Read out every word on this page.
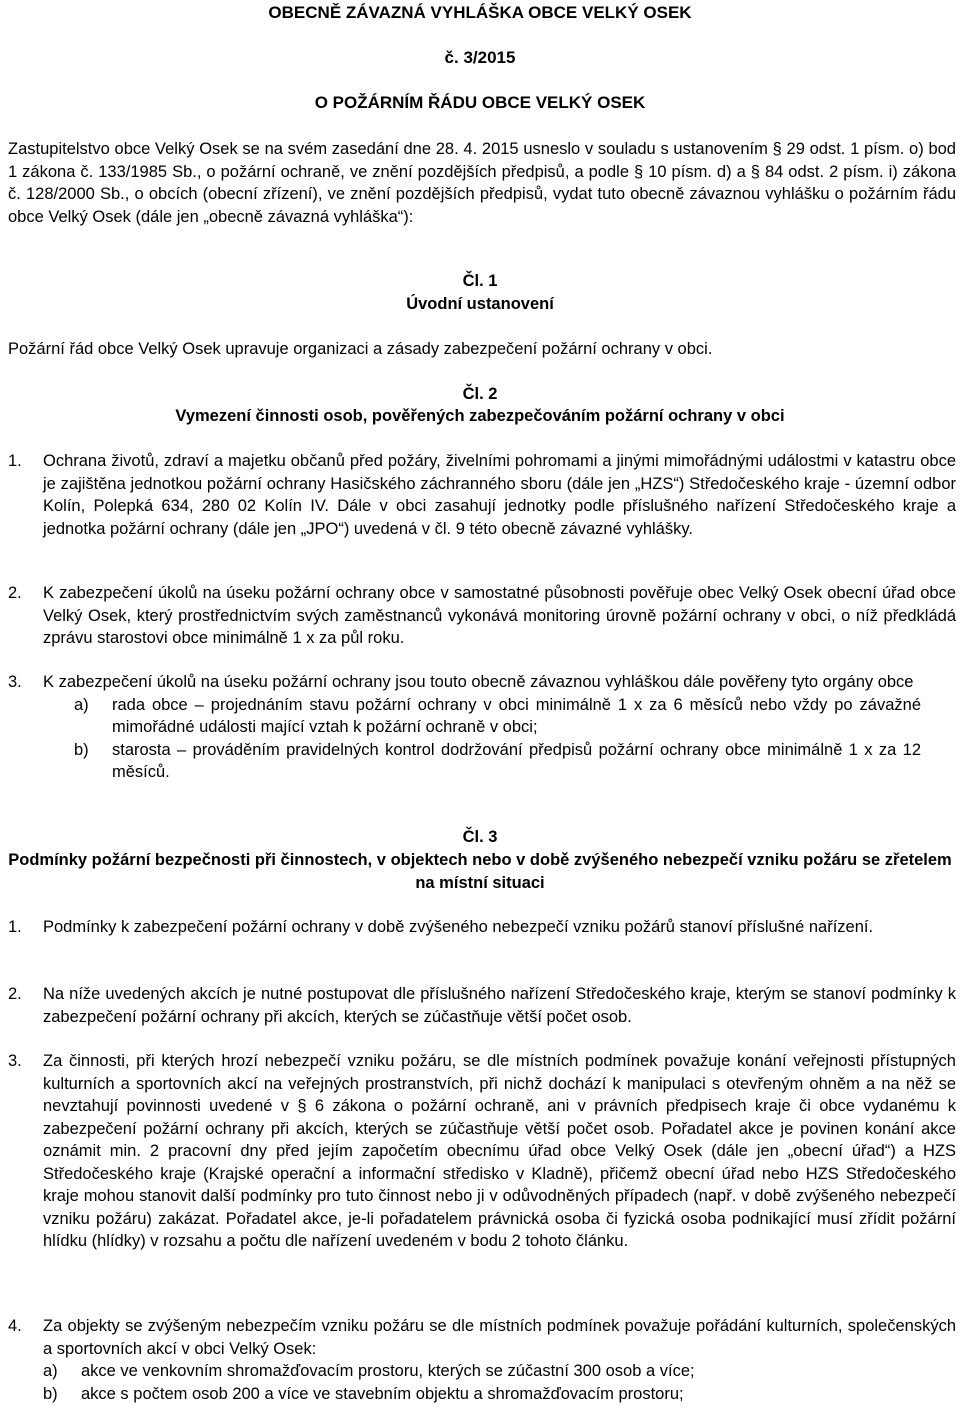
OBECNĚ ZÁVAZNÁ VYHLÁŠKA OBCE VELKÝ OSEK
č. 3/2015
O POŽÁRNÍM ŘÁDU OBCE VELKÝ OSEK
Zastupitelstvo obce Velký Osek se na svém zasedání dne 28. 4. 2015 usneslo v souladu s ustanovením § 29 odst. 1 písm. o) bod 1 zákona č. 133/1985 Sb., o požární ochraně, ve znění pozdějších předpisů, a podle § 10 písm. d) a § 84 odst. 2 písm. i) zákona č. 128/2000 Sb., o obcích (obecní zřízení), ve znění pozdějších předpisů, vydat tuto obecně závaznou vyhlášku o požárním řádu obce Velký Osek (dále jen „obecně závazná vyhláška“):
Čl. 1
Úvodní ustanovení
Požární řád obce Velký Osek upravuje organizaci a zásady zabezpečení požární ochrany v obci.
Čl. 2
Vymezení činnosti osob, pověřených zabezpečováním požární ochrany v obci
1.	Ochrana životů, zdraví a majetku občanů před požáry, živelními pohromami a jinými mimořádnými událostmi v katastru obce je zajištěna jednotkou požární ochrany Hasičského záchranného sboru (dále jen „HZS“) Středočeského kraje - územní odbor Kolín, Polepká 634, 280 02 Kolín IV. Dále v obci zasahují jednotky podle příslušného nařízení Středočeského kraje a jednotka požární ochrany (dále jen „JPO“) uvedená v čl. 9 této obecně závazné vyhlášky.
2.	K zabezpečení úkolů na úseku požární ochrany obce v samostatné působnosti pověřuje obec Velký Osek obecní úřad obce Velký Osek, který prostřednictvím svých zaměstnanců vykonává monitoring úrovně požární ochrany v obci, o níž předkládá zprávu starostovi obce minimálně 1 x za půl roku.
3.	K zabezpečení úkolů na úseku požární ochrany jsou touto obecně závaznou vyhláškou dále pověřeny tyto orgány obce
a) rada obce – projednáním stavu požární ochrany v obci minimálně 1 x za 6 měsíců nebo vždy po závažné mimořádné události mající vztah k požární ochraně v obci;
b) starosta – prováděním pravidelných kontrol dodržování předpisů požární ochrany obce minimálně 1 x za 12 měsíců.
Čl. 3
Podmínky požární bezpečnosti při činnostech, v objektech nebo v době zvýšeného nebezpečí vzniku požáru se zřetelem na místní situaci
1.	Podmínky k zabezpečení požární ochrany v době zvýšeného nebezpečí vzniku požárů stanoví příslušné nařízení.
2.	Na níže uvedených akcích je nutné postupovat dle příslušného nařízení Středočeského kraje, kterým se stanoví podmínky k zabezpečení požární ochrany při akcích, kterých se zúčastňuje větší počet osob.
3.	Za činnosti, při kterých hrozí nebezpečí vzniku požáru, se dle místních podmínek považuje konání veřejnosti přístupných kulturních a sportovních akcí na veřejných prostranstvích, při nichž dochází k manipulaci s otevřeným ohněm a na něž se nevztahují povinnosti uvedené v § 6 zákona o požární ochraně, ani v právních předpisech kraje či obce vydanému k zabezpečení požární ochrany při akcích, kterých se zúčastňuje větší počet osob. Pořadatel akce je povinen konání akce oznámit min. 2 pracovní dny před jejím započetím obecnímu úřad obce Velký Osek (dále jen „obecní úřad“) a HZS Středočeského kraje (Krajské operační a informační středisko v Kladně), přičemž obecní úřad nebo HZS Středočeského kraje mohou stanovit další podmínky pro tuto činnost nebo ji v odůvodněných případech (např. v době zvýšeného nebezpečí vzniku požáru) zakázat. Pořadatel akce, je-li pořadatelem právnická osoba či fyzická osoba podnikající musí zřídit požární hlídku (hlídky) v rozsahu a počtu dle nařízení uvedeném v bodu 2 tohoto článku.
4.	Za objekty se zvýšeným nebezpečím vzniku požáru se dle místních podmínek považuje pořádání kulturních, společenských a sportovních akcí v obci Velký Osek:
a) akce ve venkovním shromažďovacím prostoru, kterých se zúčastní 300 osob a více;
b) akce s počtem osob 200 a více ve stavebním objektu a shromažďovacím prostoru;
